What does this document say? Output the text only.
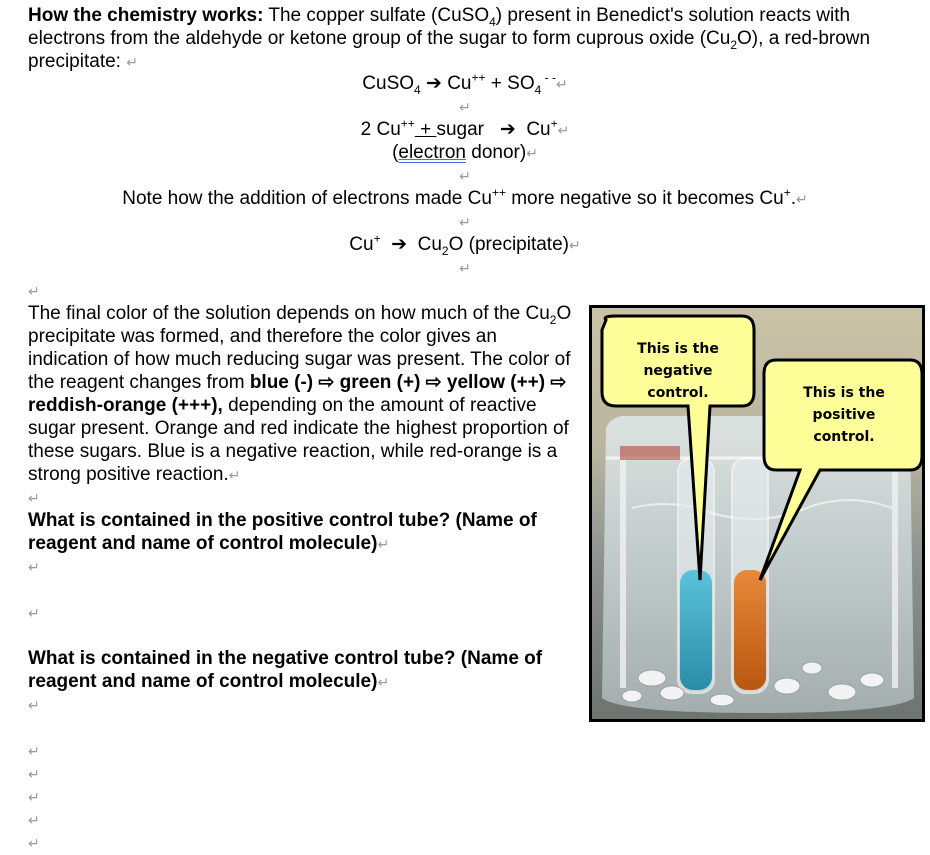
How the chemistry works: The copper sulfate (CuSO$_4$) present in Benedict's solution reacts with electrons from the aldehyde or ketone group of the sugar to form cuprous oxide $(Cu_2O)$, a red-brown precipitate: ↵
CuSO$_4$ ➔ $Cu^{++} + SO_4$ - -↵
↵
2 Cu++ + sugar ➔ Cu+↵
(electron donor)↵
↵
Note how the addition of electrons made Cu++ more negative so it becomes Cu+.↵
↵
Cu+ ➔ $Cu_2O$ (precipitate)↵
↵
↵
The final color of the solution depends on how much of the $Cu_2O$ precipitate was formed, and therefore the color gives an indication of how much reducing sugar was present. The color of the reagent changes from blue (-) ⇨ green (+) ⇨ yellow (++) ⇨ reddish-orange (+++), depending on the amount of reactive sugar present. Orange and red indicate the highest proportion of these sugars. Blue is a negative reaction, while red-orange is a strong positive reaction.↵
↵
What is contained in the positive control tube? (Name of reagent and name of control molecule)↵
↵
↵
What is contained in the negative control tube? (Name of reagent and name of control molecule)↵
↵
↵
↵
↵
↵
↵
This is the
negative
control.	This is the
positive
control.
